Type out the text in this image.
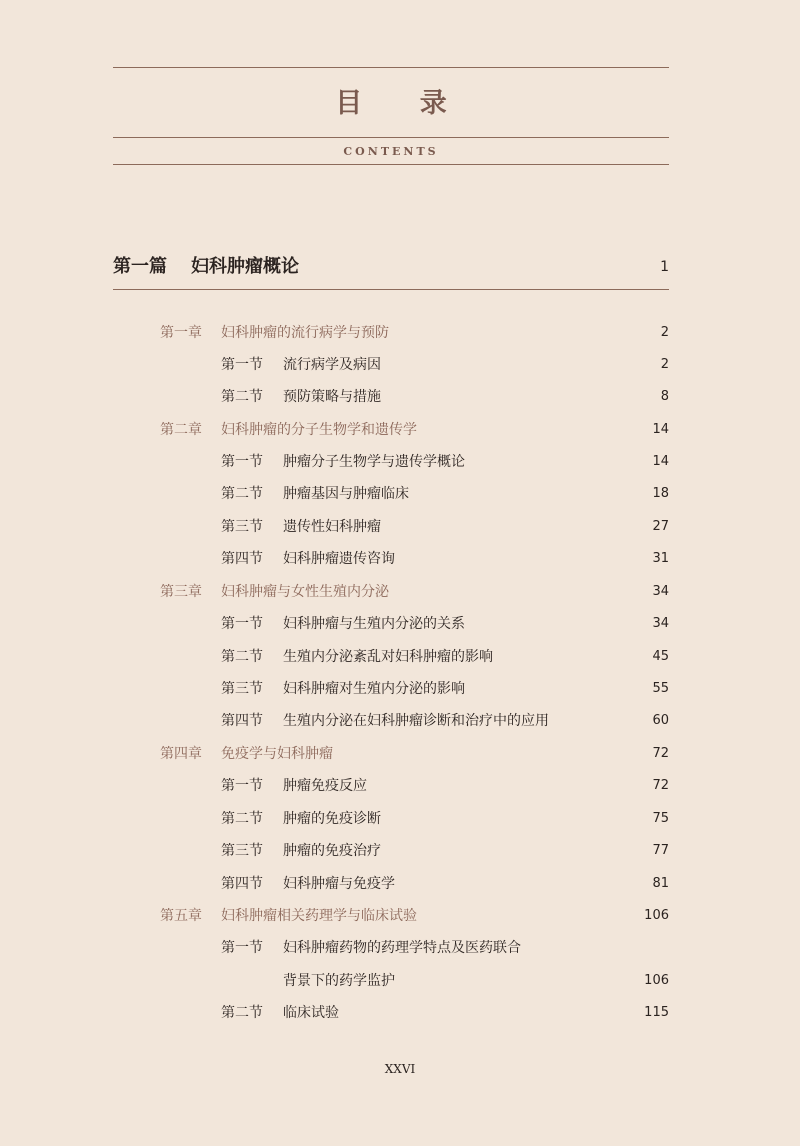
目 录
CONTENTS
第一篇 妇科肿瘤概论	1
第一章 妇科肿瘤的流行病学与预防	2
第一节 流行病学及病因	2
第二节 预防策略与措施	8
第二章 妇科肿瘤的分子生物学和遗传学	14
第一节 肿瘤分子生物学与遗传学概论	14
第二节 肿瘤基因与肿瘤临床	18
第三节 遗传性妇科肿瘤	27
第四节 妇科肿瘤遗传咨询	31
第三章 妇科肿瘤与女性生殖内分泌	34
第一节 妇科肿瘤与生殖内分泌的关系	34
第二节 生殖内分泌紊乱对妇科肿瘤的影响	45
第三节 妇科肿瘤对生殖内分泌的影响	55
第四节 生殖内分泌在妇科肿瘤诊断和治疗中的应用	60
第四章 免疫学与妇科肿瘤	72
第一节 肿瘤免疫反应	72
第二节 肿瘤的免疫诊断	75
第三节 肿瘤的免疫治疗	77
第四节 妇科肿瘤与免疫学	81
第五章 妇科肿瘤相关药理学与临床试验	106
第一节 妇科肿瘤药物的药理学特点及医药联合
背景下的药学监护	106
第二节 临床试验	115
XXVI
